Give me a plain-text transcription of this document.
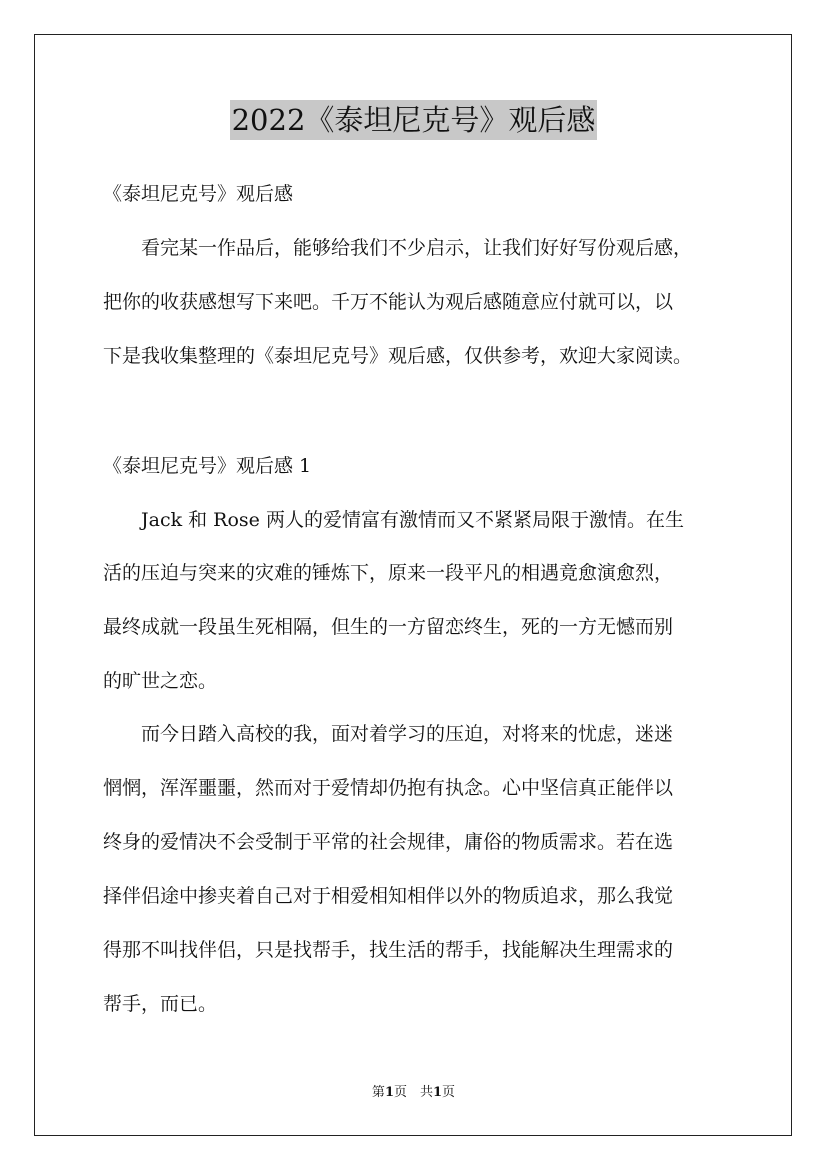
2022《泰坦尼克号》观后感
《泰坦尼克号》观后感
　　看完某一作品后，能够给我们不少启示，让我们好好写份观后感，
把你的收获感想写下来吧。千万不能认为观后感随意应付就可以，以
下是我收集整理的《泰坦尼克号》观后感，仅供参考，欢迎大家阅读。
《泰坦尼克号》观后感 1
　　Jack 和 Rose 两人的爱情富有激情而又不紧紧局限于激情。在生
活的压迫与突来的灾难的锤炼下，原来一段平凡的相遇竟愈演愈烈，
最终成就一段虽生死相隔，但生的一方留恋终生，死的一方无憾而别
的旷世之恋。
　　而今日踏入高校的我，面对着学习的压迫，对将来的忧虑，迷迷
惘惘，浑浑噩噩，然而对于爱情却仍抱有执念。心中坚信真正能伴以
终身的爱情决不会受制于平常的社会规律，庸俗的物质需求。若在选
择伴侣途中掺夹着自己对于相爱相知相伴以外的物质追求，那么我觉
得那不叫找伴侣，只是找帮手，找生活的帮手，找能解决生理需求的
帮手，而已。
第1页　共1页
